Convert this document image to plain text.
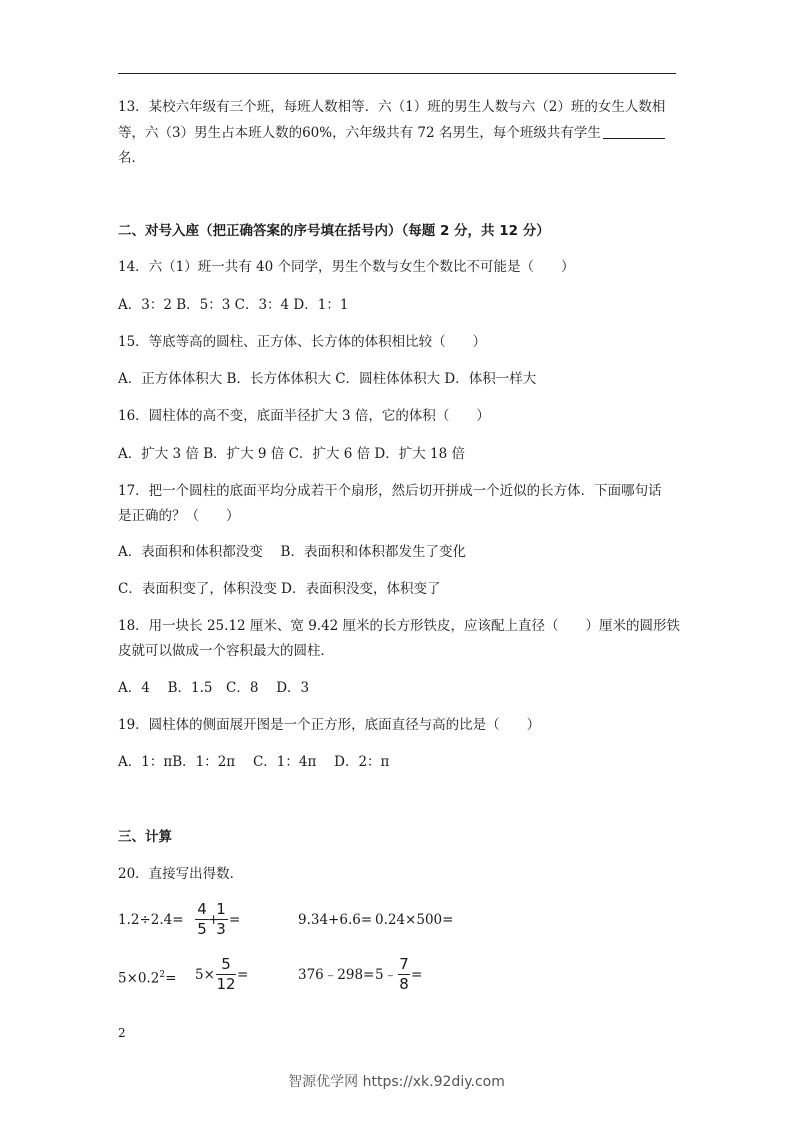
13．某校六年级有三个班，每班人数相等．六（1）班的男生人数与六（2）班的女生人数相
等，六（3）男生占本班人数的60%，六年级共有 72 名男生，每个班级共有学生
名．
二、对号入座（把正确答案的序号填在括号内）（每题 2 分，共 12 分）
14．六（1）班一共有 40 个同学，男生个数与女生个数比不可能是（　　）
A．3：2 B．5：3 C．3：4 D．1：1
15．等底等高的圆柱、正方体、长方体的体积相比较（　　）
A．正方体体积大 B．长方体体积大 C．圆柱体体积大 D．体积一样大
16．圆柱体的高不变，底面半径扩大 3 倍，它的体积（　　）
A．扩大 3 倍 B．扩大 9 倍 C．扩大 6 倍 D．扩大 18 倍
17．把一个圆柱的底面平均分成若干个扇形，然后切开拼成一个近似的长方体．下面哪句话
是正确的？（　　）
A．表面积和体积都没变　 B．表面积和体积都发生了变化
C．表面积变了，体积没变 D．表面积没变，体积变了
18．用一块长 25.12 厘米、宽 9.42 厘米的长方形铁皮，应该配上直径（　　）厘米的圆形铁
皮就可以做成一个容积最大的圆柱．
A．4　 B．1.5　C．8　 D．3
19．圆柱体的侧面展开图是一个正方形，底面直径与高的比是（　　）
A．1：πB．1：2π　 C．1：4π　 D．2：π
三、计算
20．直接写出得数．
1.2÷2.4=
4
5 +
1
3 =	9.34+6.6= 0.24×500=
$5\times 0.2^2= 5\times$
5
12 =	376﹣298= 5﹣
7
8 =
2
智源优学网 https://xk.92diy.com
